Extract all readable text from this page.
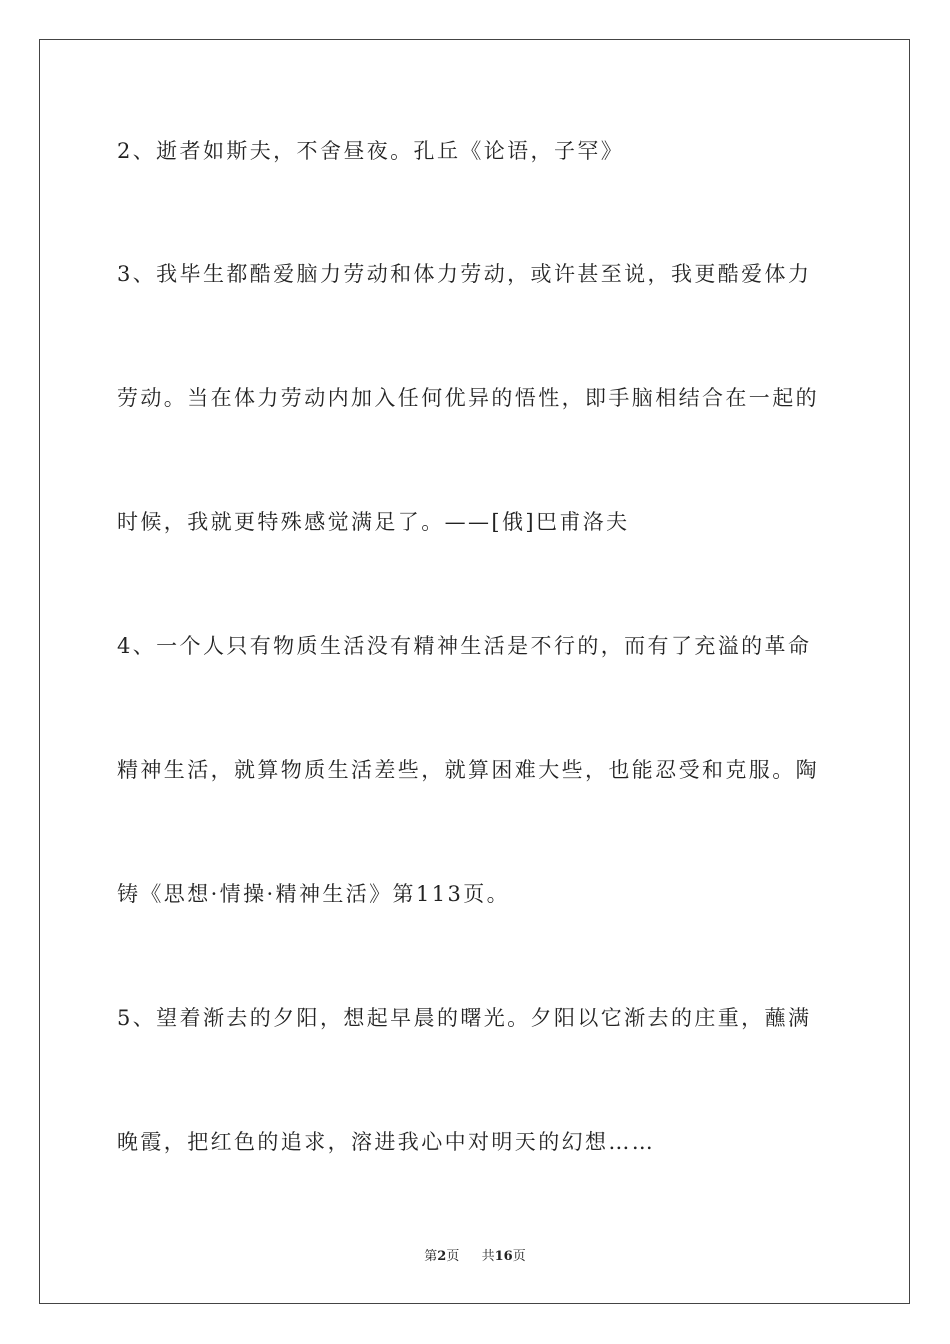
2、逝者如斯夫，不舍昼夜。孔丘《论语，子罕》
3、我毕生都酷爱脑力劳动和体力劳动，或许甚至说，我更酷爱体力
劳动。当在体力劳动内加入任何优异的悟性，即手脑相结合在一起的
时候，我就更特殊感觉满足了。——[俄]巴甫洛夫
4、一个人只有物质生活没有精神生活是不行的，而有了充溢的革命
精神生活，就算物质生活差些，就算困难大些，也能忍受和克服。陶
铸《思想·情操·精神生活》第113页。
5、望着渐去的夕阳，想起早晨的曙光。夕阳以它渐去的庄重，蘸满
晚霞，把红色的追求，溶进我心中对明天的幻想……
第2页 共16页
